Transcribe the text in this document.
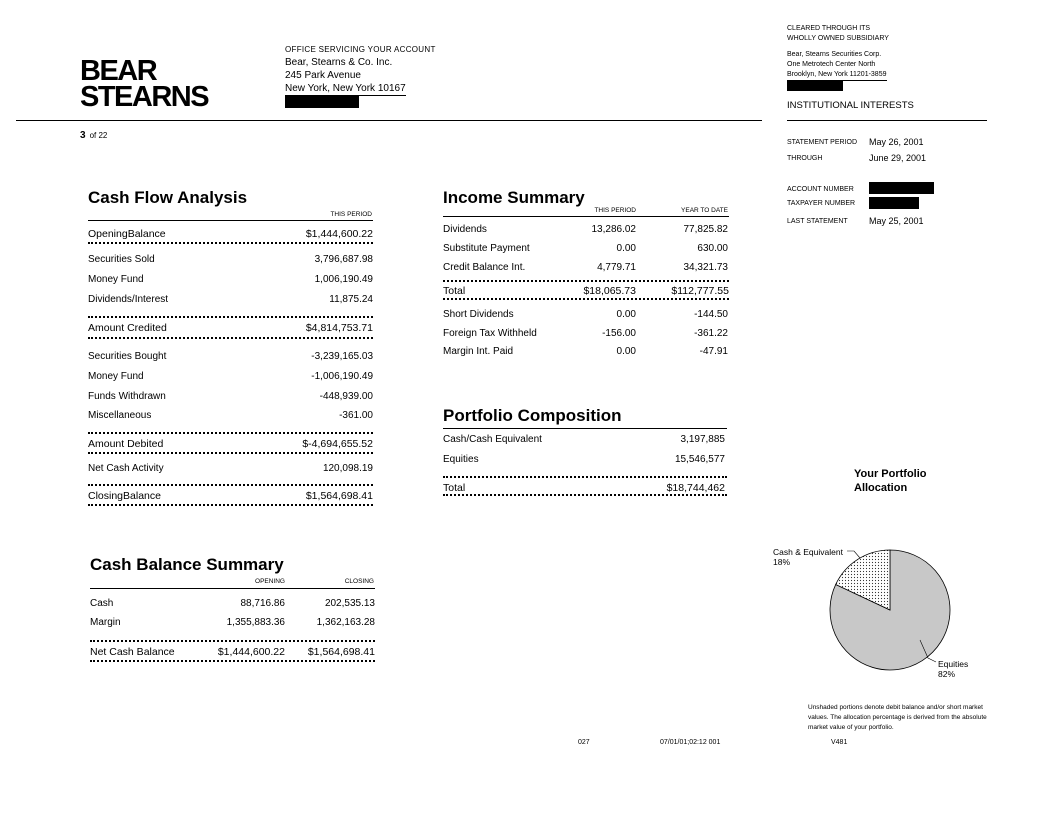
BEAR
STEARNS
OFFICE SERVICING YOUR ACCOUNT
Bear, Stearns & Co. Inc.
245 Park Avenue
New York, New York 10167
CLEARED THROUGH ITS
WHOLLY OWNED SUBSIDIARY
Bear, Stearns Securities Corp.
One Metrotech Center North
Brooklyn, New York 11201-3859
INSTITUTIONAL INTERESTS
3 of 22
STATEMENT PERIOD May 26, 2001
THROUGH	June 29, 2001
ACCOUNT NUMBER
TAXPAYER NUMBER
LAST STATEMENT May 25, 2001
Cash Flow Analysis
THIS PERIOD
OpeningBalance	$1,444,600.22
Securities Sold	3,796,687.98
Money Fund	1,006,190.49
Dividends/Interest	11,875.24
Amount Credited	$4,814,753.71
Securities Bought	-3,239,165.03
Money Fund	-1,006,190.49
Funds Withdrawn	-448,939.00
Miscellaneous	-361.00
Amount Debited	$-4,694,655.52
Net Cash Activity	120,098.19
ClosingBalance	$1,564,698.41
Income Summary
THIS PERIOD	YEAR TO DATE
Dividends	13,286.02	77,825.82
Substitute Payment	0.00	630.00
Credit Balance Int.	4,779.71	34,321.73
Total	$18,065.73	$112,777.55
Short Dividends	0.00	-144.50
Foreign Tax Withheld	-156.00	-361.22
Margin Int. Paid	0.00	-47.91
Portfolio Composition
Cash/Cash Equivalent	3,197,885
Equities	15,546,577
Total	$18,744,462
Cash Balance Summary
OPENING	CLOSING
Cash	88,716.86	202,535.13
Margin	1,355,883.36	1,362,163.28
Net Cash Balance	$1,444,600.22 $1,564,698.41
Your Portfolio
Allocation
Cash & Equivalent
18%
Equities
82%
Unshaded portions denote debit balance and/or short market values. The allocation percentage is derived from the absolute market value of your portfolio.
027	07/01/01;02:12 001	V481
